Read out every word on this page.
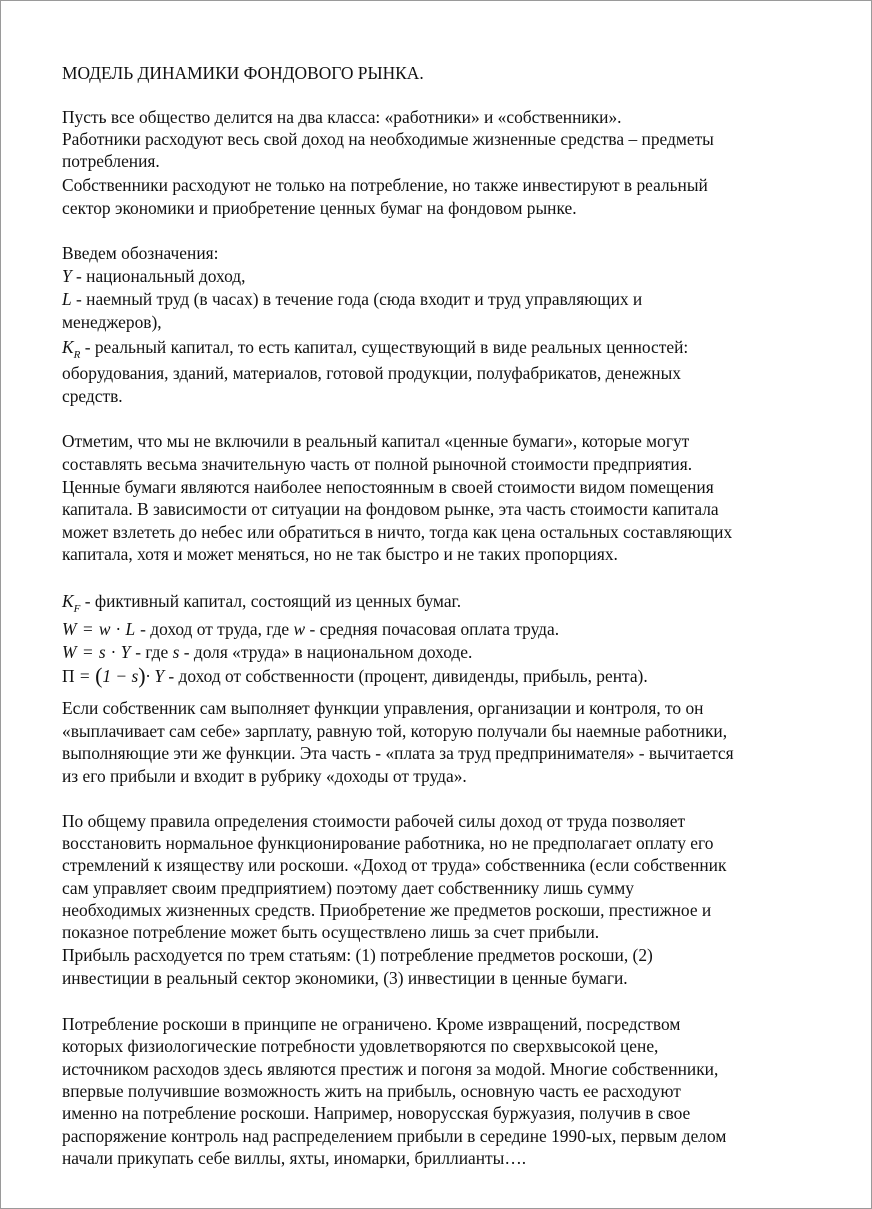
МОДЕЛЬ ДИНАМИКИ ФОНДОВОГО РЫНКА.
Пусть все общество делится на два класса: «работники» и «собственники».
Работники расходуют весь свой доход на необходимые жизненные средства – предметы
потребления.
Собственники расходуют не только на потребление, но также инвестируют в реальный
сектор экономики и приобретение ценных бумаг на фондовом рынке.
Введем обозначения:
Y - национальный доход,
L - наемный труд (в часах) в течение года (сюда входит и труд управляющих и
менеджеров),
$K_R$ - реальный капитал, то есть капитал, существующий в виде реальных ценностей:
оборудования, зданий, материалов, готовой продукции, полуфабрикатов, денежных
средств.
Отметим, что мы не включили в реальный капитал «ценные бумаги», которые могут
составлять весьма значительную часть от полной рыночной стоимости предприятия.
Ценные бумаги являются наиболее непостоянным в своей стоимости видом помещения
капитала. В зависимости от ситуации на фондовом рынке, эта часть стоимости капитала
может взлететь до небес или обратиться в ничто, тогда как цена остальных составляющих
капитала, хотя и может меняться, но не так быстро и не таких пропорциях.
$K_F$ - фиктивный капитал, состоящий из ценных бумаг.
W = w · L - доход от труда, где w - средняя почасовая оплата труда.
W = s · Y - где s - доля «труда» в национальном доходе.
Π = (1 − s)· Y - доход от собственности (процент, дивиденды, прибыль, рента).
Если собственник сам выполняет функции управления, организации и контроля, то он
«выплачивает сам себе» зарплату, равную той, которую получали бы наемные работники,
выполняющие эти же функции. Эта часть - «плата за труд предпринимателя» - вычитается
из его прибыли и входит в рубрику «доходы от труда».
По общему правила определения стоимости рабочей силы доход от труда позволяет
восстановить нормальное функционирование работника, но не предполагает оплату его
стремлений к изяществу или роскоши. «Доход от труда» собственника (если собственник
сам управляет своим предприятием) поэтому дает собственнику лишь сумму
необходимых жизненных средств. Приобретение же предметов роскоши, престижное и
показное потребление может быть осуществлено лишь за счет прибыли.
Прибыль расходуется по трем статьям: (1) потребление предметов роскоши, (2)
инвестиции в реальный сектор экономики, (3) инвестиции в ценные бумаги.
Потребление роскоши в принципе не ограничено. Кроме извращений, посредством
которых физиологические потребности удовлетворяются по сверхвысокой цене,
источником расходов здесь являются престиж и погоня за модой. Многие собственники,
впервые получившие возможность жить на прибыль, основную часть ее расходуют
именно на потребление роскоши. Например, новорусская буржуазия, получив в свое
распоряжение контроль над распределением прибыли в середине 1990-ых, первым делом
начали прикупать себе виллы, яхты, иномарки, бриллианты….
